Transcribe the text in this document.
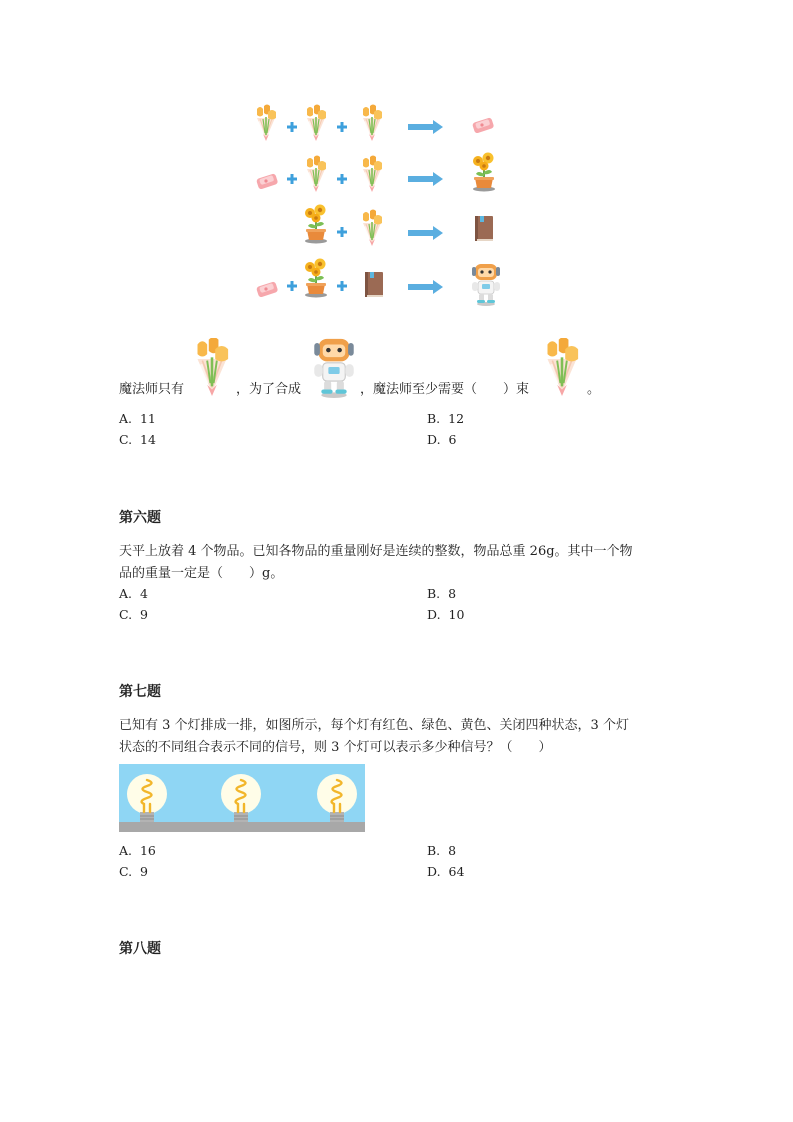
魔法师只有	，为了合成	，魔法师至少需要（　　）束	。
A. 11	B. 12
C. 14	D. 6
第六题
天平上放着 4 个物品。已知各物品的重量刚好是连续的整数，物品总重 26g。其中一个物
品的重量一定是（　　）g。
A. 4	B. 8
C. 9	D. 10
第七题
已知有 3 个灯排成一排，如图所示，每个灯有红色、绿色、黄色、关闭四种状态，3 个灯
状态的不同组合表示不同的信号，则 3 个灯可以表示多少种信号？（　　）
A. 16	B. 8
C. 9	D. 64
第八题
